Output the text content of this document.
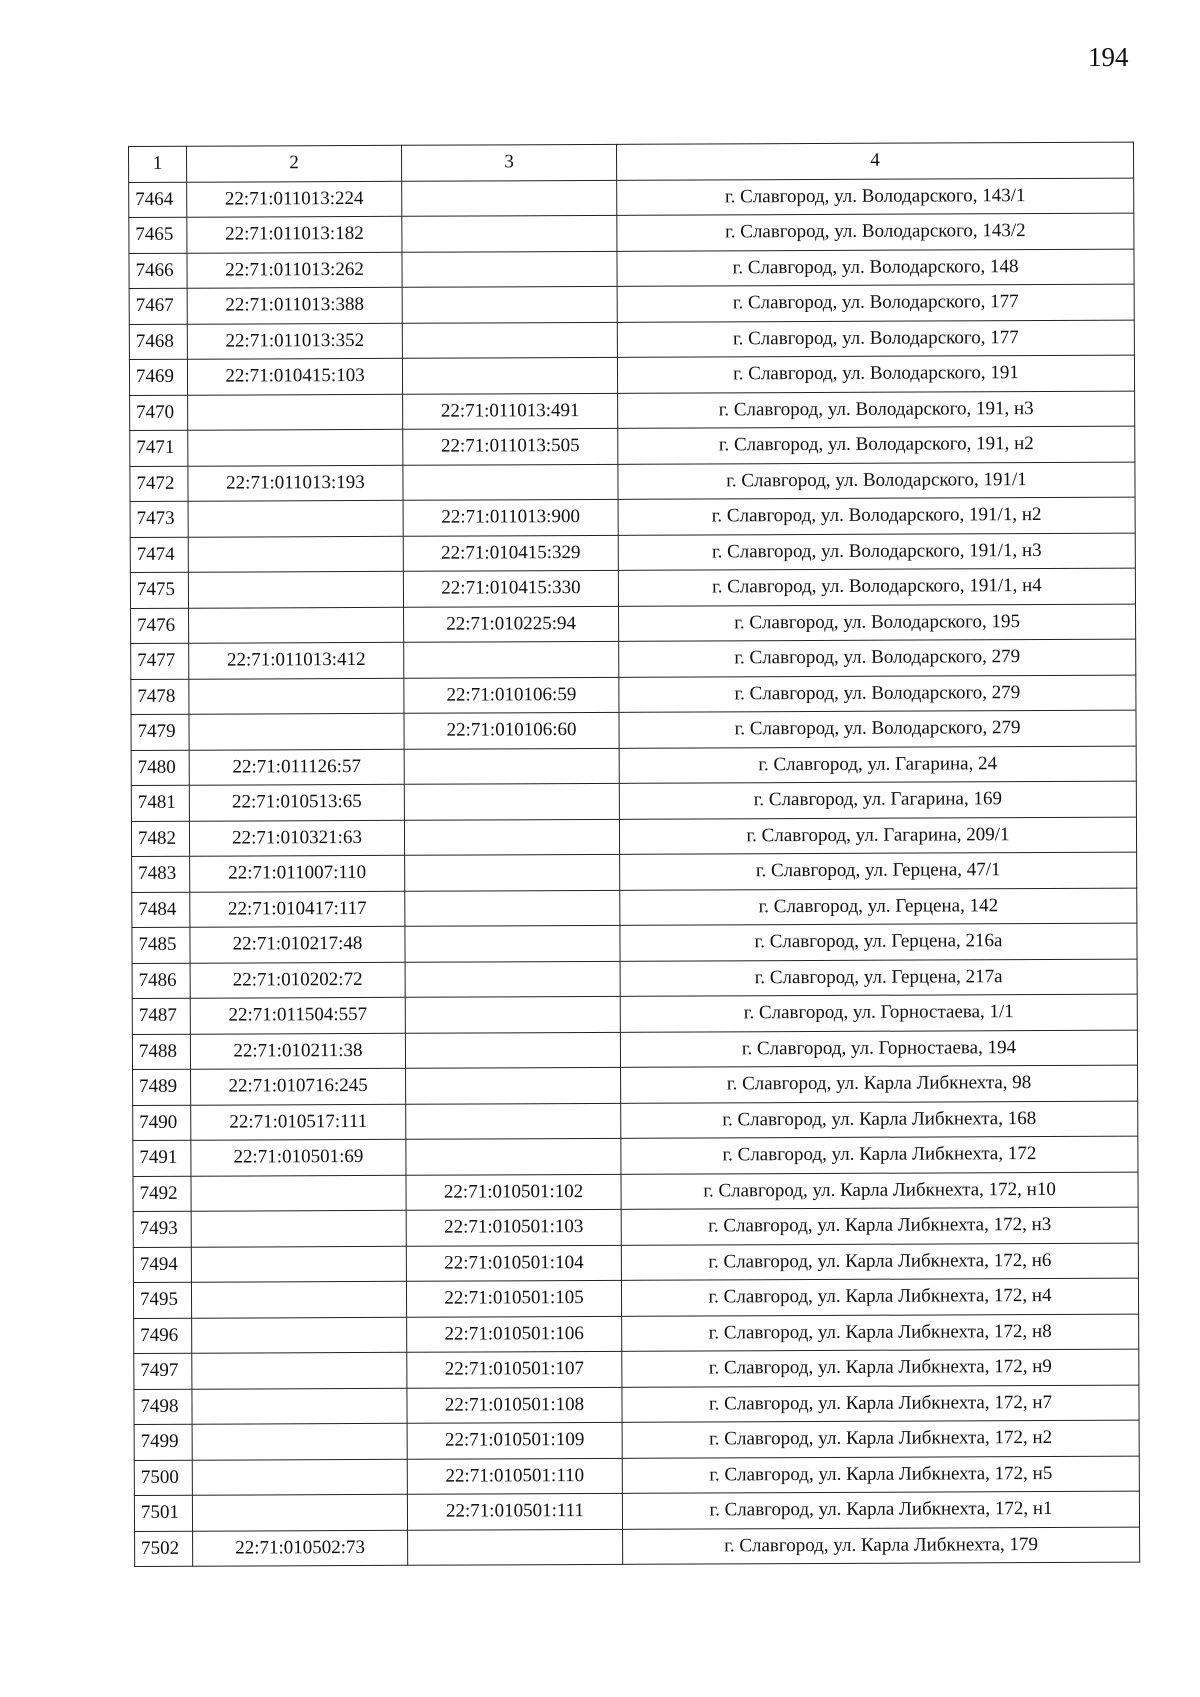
194
1	2	3	4
7464	22:71:011013:224		г. Славгород, ул. Володарского, 143/1
7465	22:71:011013:182		г. Славгород, ул. Володарского, 143/2
7466	22:71:011013:262		г. Славгород, ул. Володарского, 148
7467	22:71:011013:388		г. Славгород, ул. Володарского, 177
7468	22:71:011013:352		г. Славгород, ул. Володарского, 177
7469	22:71:010415:103		г. Славгород, ул. Володарского, 191
7470		22:71:011013:491	г. Славгород, ул. Володарского, 191, н3
7471		22:71:011013:505	г. Славгород, ул. Володарского, 191, н2
7472	22:71:011013:193		г. Славгород, ул. Володарского, 191/1
7473		22:71:011013:900	г. Славгород, ул. Володарского, 191/1, н2
7474		22:71:010415:329	г. Славгород, ул. Володарского, 191/1, н3
7475		22:71:010415:330	г. Славгород, ул. Володарского, 191/1, н4
7476		22:71:010225:94	г. Славгород, ул. Володарского, 195
7477	22:71:011013:412		г. Славгород, ул. Володарского, 279
7478		22:71:010106:59	г. Славгород, ул. Володарского, 279
7479		22:71:010106:60	г. Славгород, ул. Володарского, 279
7480	22:71:011126:57		г. Славгород, ул. Гагарина, 24
7481	22:71:010513:65		г. Славгород, ул. Гагарина, 169
7482	22:71:010321:63		г. Славгород, ул. Гагарина, 209/1
7483	22:71:011007:110		г. Славгород, ул. Герцена, 47/1
7484	22:71:010417:117		г. Славгород, ул. Герцена, 142
7485	22:71:010217:48		г. Славгород, ул. Герцена, 216а
7486	22:71:010202:72		г. Славгород, ул. Герцена, 217а
7487	22:71:011504:557		г. Славгород, ул. Горностаева, 1/1
7488	22:71:010211:38		г. Славгород, ул. Горностаева, 194
7489	22:71:010716:245		г. Славгород, ул. Карла Либкнехта, 98
7490	22:71:010517:111		г. Славгород, ул. Карла Либкнехта, 168
7491	22:71:010501:69		г. Славгород, ул. Карла Либкнехта, 172
7492		22:71:010501:102	г. Славгород, ул. Карла Либкнехта, 172, н10
7493		22:71:010501:103	г. Славгород, ул. Карла Либкнехта, 172, н3
7494		22:71:010501:104	г. Славгород, ул. Карла Либкнехта, 172, н6
7495		22:71:010501:105	г. Славгород, ул. Карла Либкнехта, 172, н4
7496		22:71:010501:106	г. Славгород, ул. Карла Либкнехта, 172, н8
7497		22:71:010501:107	г. Славгород, ул. Карла Либкнехта, 172, н9
7498		22:71:010501:108	г. Славгород, ул. Карла Либкнехта, 172, н7
7499		22:71:010501:109	г. Славгород, ул. Карла Либкнехта, 172, н2
7500		22:71:010501:110	г. Славгород, ул. Карла Либкнехта, 172, н5
7501		22:71:010501:111	г. Славгород, ул. Карла Либкнехта, 172, н1
7502	22:71:010502:73		г. Славгород, ул. Карла Либкнехта, 179
